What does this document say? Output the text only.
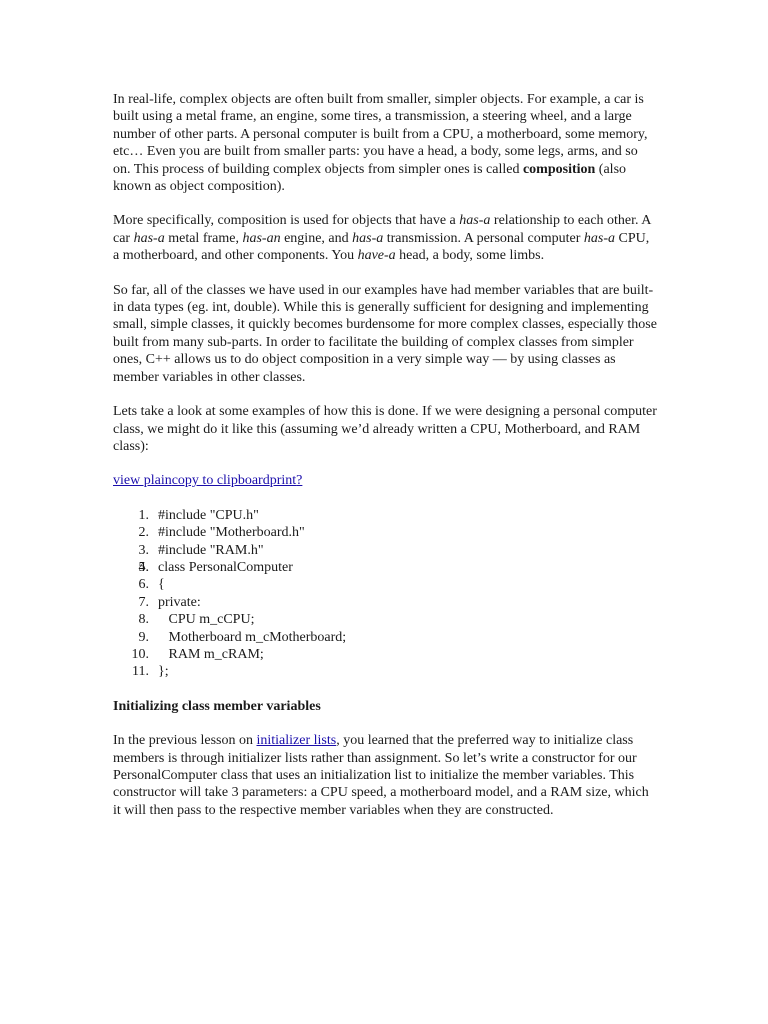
In real-life, complex objects are often built from smaller, simpler objects. For example, a car is built using a metal frame, an engine, some tires, a transmission, a steering wheel, and a large number of other parts. A personal computer is built from a CPU, a motherboard, some memory, etc… Even you are built from smaller parts: you have a head, a body, some legs, arms, and so on. This process of building complex objects from simpler ones is called composition (also known as object composition).

More specifically, composition is used for objects that have a has-a relationship to each other. A car has-a metal frame, has-an engine, and has-a transmission. A personal computer has-a CPU, a motherboard, and other components. You have-a head, a body, some limbs.

So far, all of the classes we have used in our examples have had member variables that are built-in data types (eg. int, double). While this is generally sufficient for designing and implementing small, simple classes, it quickly becomes burdensome for more complex classes, especially those built from many sub-parts. In order to facilitate the building of complex classes from simpler ones, C++ allows us to do object composition in a very simple way — by using classes as member variables in other classes.

Lets take a look at some examples of how this is done. If we were designing a personal computer class, we might do it like this (assuming we’d already written a CPU, Motherboard, and RAM class):

view plaincopy to clipboardprint?
#include "CPU.h"
#include "Motherboard.h"
#include "RAM.h"
class PersonalComputer
{
private:
CPU m_cCPU;
Motherboard m_cMotherboard;
RAM m_cRAM;
};
Initializing class member variables

In the previous lesson on initializer lists, you learned that the preferred way to initialize class members is through initializer lists rather than assignment. So let’s write a constructor for our PersonalComputer class that uses an initialization list to initialize the member variables. This constructor will take 3 parameters: a CPU speed, a motherboard model, and a RAM size, which it will then pass to the respective member variables when they are constructed.
